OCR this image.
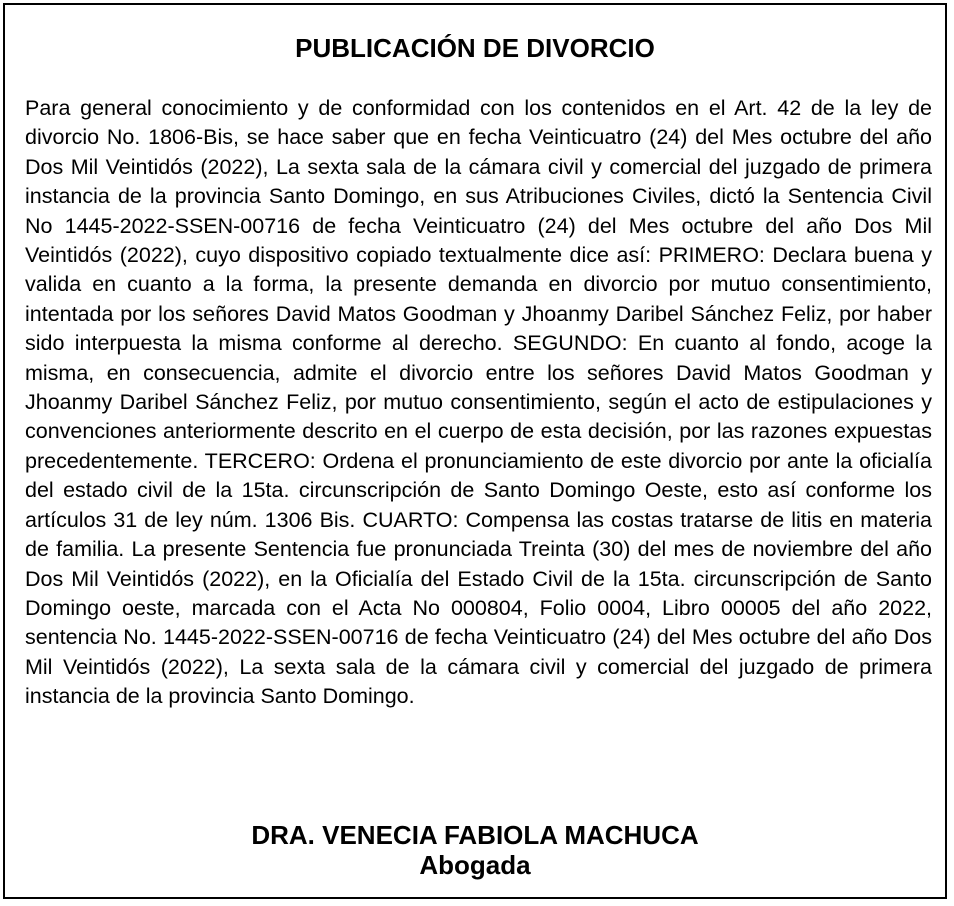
PUBLICACIÓN DE DIVORCIO

Para general conocimiento y de conformidad con los contenidos en el Art. 42 de la ley de divorcio No. 1806-Bis, se hace saber que en fecha Veinticuatro (24) del Mes octubre del año Dos Mil Veintidós (2022), La sexta sala de la cámara civil y comercial del juzgado de primera instancia de la provincia Santo Domingo, en sus Atribuciones Civiles, dictó la Sentencia Civil No 1445-2022-SSEN-00716 de fecha Veinticuatro (24) del Mes octubre del año Dos Mil Veintidós (2022), cuyo dispositivo copiado textualmente dice así: PRIMERO: Declara buena y valida en cuanto a la forma, la presente demanda en divorcio por mutuo consentimiento, intentada por los señores David Matos Goodman y Jhoanmy Daribel Sánchez Feliz, por haber sido interpuesta la misma conforme al derecho. SEGUNDO: En cuanto al fondo, acoge la misma, en consecuencia, admite el divorcio entre los señores David Matos Goodman y Jhoanmy Daribel Sánchez Feliz, por mutuo consentimiento, según el acto de estipulaciones y convenciones anteriormente descrito en el cuerpo de esta decisión, por las razones expuestas precedentemente. TERCERO: Ordena el pronunciamiento de este divorcio por ante la oficialía del estado civil de la 15ta. circunscripción de Santo Domingo Oeste, esto así conforme los artículos 31 de ley núm. 1306 Bis. CUARTO: Compensa las costas tratarse de litis en materia de familia. La presente Sentencia fue pronunciada Treinta (30) del mes de noviembre del año Dos Mil Veintidós (2022), en la Oficialía del Estado Civil de la 15ta. circunscripción de Santo Domingo oeste, marcada con el Acta No 000804, Folio 0004, Libro 00005 del año 2022, sentencia No. 1445-2022-SSEN-00716 de fecha Veinticuatro (24) del Mes octubre del año Dos Mil Veintidós (2022), La sexta sala de la cámara civil y comercial del juzgado de primera instancia de la provincia Santo Domingo.

DRA. VENECIA FABIOLA MACHUCA
Abogada
